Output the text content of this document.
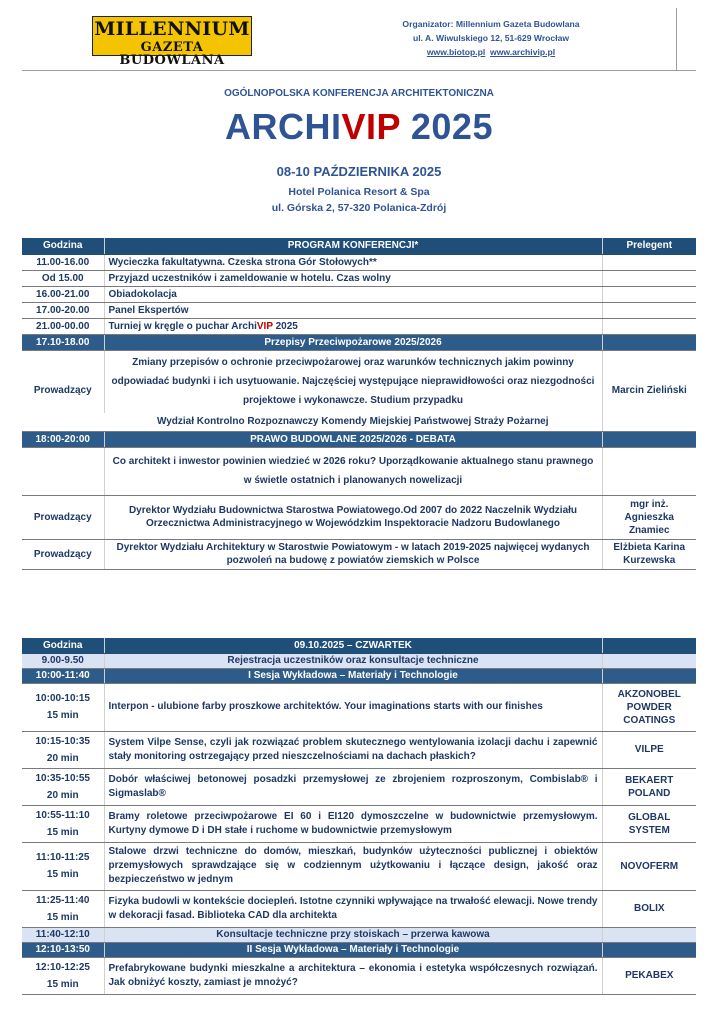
MILLENNIUM
GAZETA BUDOWLANA
Organizator: Millennium Gazeta Budowlana
ul. A. Wiwulskiego 12, 51-629 Wrocław
www.biotop.pl www.archivip.pl
OGÓLNOPOLSKA KONFERENCJA ARCHITEKTONICZNA
ARCHIVIP 2025
08-10 PAŹDZIERNIKA 2025
Hotel Polanica Resort & Spa
ul. Górska 2, 57-320 Polanica-Zdrój
Godzina	PROGRAM KONFERENCJI*	Prelegent
11.00-16.00	Wycieczka fakultatywna. Czeska strona Gór Stołowych**	
Od 15.00	Przyjazd uczestników i zameldowanie w hotelu. Czas wolny	
16.00-21.00	Obiadokolacja	
17.00-20.00	Panel Ekspertów	
21.00-00.00	Turniej w kręgle o puchar ArchiVIP 2025	
17.10-18.00	Przepisy Przeciwpożarowe 2025/2026	
Prowadzący	Zmiany przepisów o ochronie przeciwpożarowej oraz warunków technicznych jakim powinny odpowiadać budynki i ich usytuowanie. Najczęściej występujące nieprawidłowości oraz niezgodności projektowe i wykonawcze. Studium przypadku	Marcin Zieliński
	Wydział Kontrolno Rozpoznawczy Komendy Miejskiej Państwowej Straży Pożarnej	
18:00-20:00	PRAWO BUDOWLANE 2025/2026 - DEBATA	
	Co architekt i inwestor powinien wiedzieć w 2026 roku? Uporządkowanie aktualnego stanu prawnego w świetle ostatnich i planowanych nowelizacji	
Prowadzący	Dyrektor Wydziału Budownictwa Starostwa Powiatowego.Od 2007 do 2022 Naczelnik Wydziału Orzecznictwa Administracyjnego w Wojewódzkim Inspektoracie Nadzoru Budowlanego	mgr inż. Agnieszka Znamiec
Prowadzący	Dyrektor Wydziału Architektury w Starostwie Powiatowym - w latach 2019-2025 najwięcej wydanych pozwoleń na budowę z powiatów ziemskich w Polsce	Elżbieta Karina Kurzewska
Godzina	09.10.2025 – CZWARTEK	
9.00-9.50	Rejestracja uczestników oraz konsultacje techniczne	
10:00-11:40	I Sesja Wykładowa – Materiały i Technologie	

10:00-10:15
15 min	Interpon - ulubione farby proszkowe architektów. Your imaginations starts with our finishes	AKZONOBEL POWDER COATINGS

10:15-10:35
20 min	System Vilpe Sense, czyli jak rozwiązać problem skutecznego wentylowania izolacji dachu i zapewnić stały monitoring ostrzegający przed nieszczelnościami na dachach płaskich?	VILPE

10:35-10:55
20 min	Dobór właściwej betonowej posadzki przemysłowej ze zbrojeniem rozproszonym, Combislab® i Sigmaslab®	BEKAERT POLAND

10:55-11:10
15 min	Bramy roletowe przeciwpożarowe EI 60 i EI120 dymoszczelne w budownictwie przemysłowym. Kurtyny dymowe D i DH stałe i ruchome w budownictwie przemysłowym	GLOBAL SYSTEM

11:10-11:25
15 min	Stalowe drzwi techniczne do domów, mieszkań, budynków użyteczności publicznej i obiektów przemysłowych sprawdzające się w codziennym użytkowaniu i łączące design, jakość oraz bezpieczeństwo w jednym	NOVOFERM

11:25-11:40
15 min	Fizyka budowli w kontekście dociepleń. Istotne czynniki wpływające na trwałość elewacji. Nowe trendy w dekoracji fasad. Biblioteka CAD dla architekta	BOLIX
11:40-12:10	Konsultacje techniczne przy stoiskach – przerwa kawowa	
12:10-13:50	II Sesja Wykładowa – Materiały i Technologie	

12:10-12:25
15 min	Prefabrykowane budynki mieszkalne a architektura – ekonomia i estetyka współczesnych rozwiązań. Jak obniżyć koszty, zamiast je mnożyć?	PEKABEX
